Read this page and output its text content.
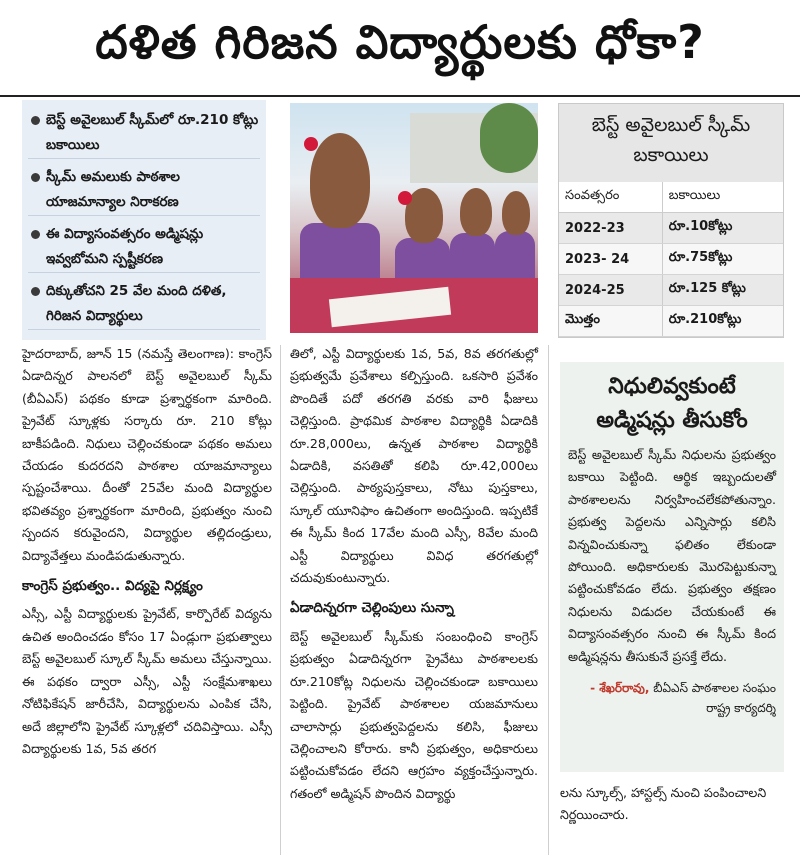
దళిత గిరిజన విద్యార్థులకు ధోకా?
బెస్ట్ అవైలబుల్ స్కీమ్‌లో రూ.210 కోట్లు బకాయిలు
స్కీమ్ అమలుకు పాఠశాల యాజమాన్యాల నిరాకరణ
ఈ విద్యాసంవత్సరం అడ్మిషన్లు ఇవ్వబోమని స్పష్టీకరణ
దిక్కుతోచని 25 వేల మంది దళిత, గిరిజన విద్యార్థులు
బెస్ట్ అవైలబుల్ స్కీమ్ బకాయిలు
సంవత్సరం	బకాయిలు
2022-23	రూ.10కోట్లు
2023- 24	రూ.75కోట్లు
2024-25	రూ.125 కోట్లు
మొత్తం	రూ.210కోట్లు

హైదరాబాద్, జూన్ 15 (నమస్తే తెలంగాణ): కాంగ్రెస్ ఏడాదిన్నర పాలనలో బెస్ట్ అవైలబుల్ స్కీమ్ (బీఏఎస్) పథకం కూడా ప్రశ్నార్థకంగా మారింది. ప్రైవేట్ స్కూళ్లకు సర్కారు రూ. 210 కోట్లు బాకీపడింది. నిధులు చెల్లించకుండా పథకం అమలు చేయడం కుదరదని పాఠశాల యాజమాన్యాలు స్పష్టంచేశాయి. దీంతో 25వేల మంది విద్యార్థుల భవితవ్యం ప్రశ్నార్థకంగా మారింది, ప్రభుత్వం నుంచి స్పందన కరువైందని, విద్యార్థుల తల్లిదండ్రులు, విద్యావేత్తలు మండిపడుతున్నారు.

కాంగ్రెస్ ప్రభుత్వం.. విద్యపై నిర్లక్ష్యం

ఎస్సీ, ఎస్టీ విద్యార్థులకు ప్రైవేట్, కార్పొరేట్ విద్యను ఉచిత అందించడం కోసం 17 ఏండ్లుగా ప్రభుత్వాలు బెస్ట్ అవైలబుల్ స్కూల్ స్కీమ్ అమలు చేస్తున్నాయి. ఈ పథకం ద్వారా ఎస్సీ, ఎస్టీ సంక్షేమశాఖలు నోటిఫికేషన్ జారీచేసి, విద్యార్థులను ఎంపిక చేసి, అదే జిల్లాలోని ప్రైవేట్ స్కూళ్లలో చదివిస్తాయి. ఎస్సీ విద్యార్థులకు 1వ, 5వ తరగ

తిలో, ఎస్టీ విద్యార్థులకు 1వ, 5వ, 8వ తరగతుల్లో ప్రభుత్వమే ప్రవేశాలు కల్పిస్తుంది. ఒకసారి ప్రవేశం పొందితే పదో తరగతి వరకు వారి ఫీజులు చెల్లిస్తుంది. ప్రాథమిక పాఠశాల విద్యార్థికి ఏడాదికి రూ.28,000లు, ఉన్నత పాఠశాల విద్యార్థికి ఏడాదికి, వసతితో కలిపి రూ.42,000లు చెల్లిస్తుంది. పాఠ్యపుస్తకాలు, నోటు పుస్తకాలు, స్కూల్ యూనిఫాం ఉచితంగా అందిస్తుంది. ఇప్పటికే ఈ స్కీమ్ కింద 17వేల మంది ఎస్సీ, 8వేల మంది ఎస్టీ విద్యార్థులు వివిధ తరగతుల్లో చదువుకుంటున్నారు.

ఏడాదిన్నరగా చెల్లింపులు సున్నా

బెస్ట్ అవైలబుల్ స్కీమ్‌కు సంబంధించి కాంగ్రెస్ ప్రభుత్వం ఏడాదిన్నరగా ప్రైవేటు పాఠశాలలకు రూ.210కోట్ల నిధులను చెల్లించకుండా బకాయిలు పెట్టింది. ప్రైవేట్ పాఠశాలల యజమానులు చాలాసార్లు ప్రభుత్వపెద్దలను కలిసి, ఫీజులు చెల్లించాలని కోరారు. కానీ ప్రభుత్వం, అధికారులు పట్టించుకోవడం లేదని ఆగ్రహం వ్యక్తంచేస్తున్నారు. గతంలో అడ్మిషన్ పొందిన విద్యార్థు

నిధులివ్వకుంటే అడ్మిషన్లు తీసుకోం
బెస్ట్ అవైలబుల్ స్కీమ్ నిధులను ప్రభుత్వం బకాయి పెట్టింది. ఆర్థిక ఇబ్బందులతో పాఠశాలలను నిర్వహించలేకపోతున్నాం. ప్రభుత్వ పెద్దలను ఎన్నిసార్లు కలిసి విన్నవించుకున్నా ఫలితం లేకుండా పోయింది. అధికారులకు మొరపెట్టుకున్నా పట్టించుకోవడం లేదు. ప్రభుత్వం తక్షణం నిధులను విడుదల చేయకుంటే ఈ విద్యాసంవత్సరం నుంచి ఈ స్కీమ్ కింద అడ్మిషన్లను తీసుకునే ప్రసక్తే లేదు.
- శేఖర్‌రావు, బీఏఎస్ పాఠశాలల సంఘం రాష్ట్ర కార్యదర్శి
లను స్కూల్స్, హాస్టల్స్ నుంచి పంపించాలని నిర్ణయించారు.
